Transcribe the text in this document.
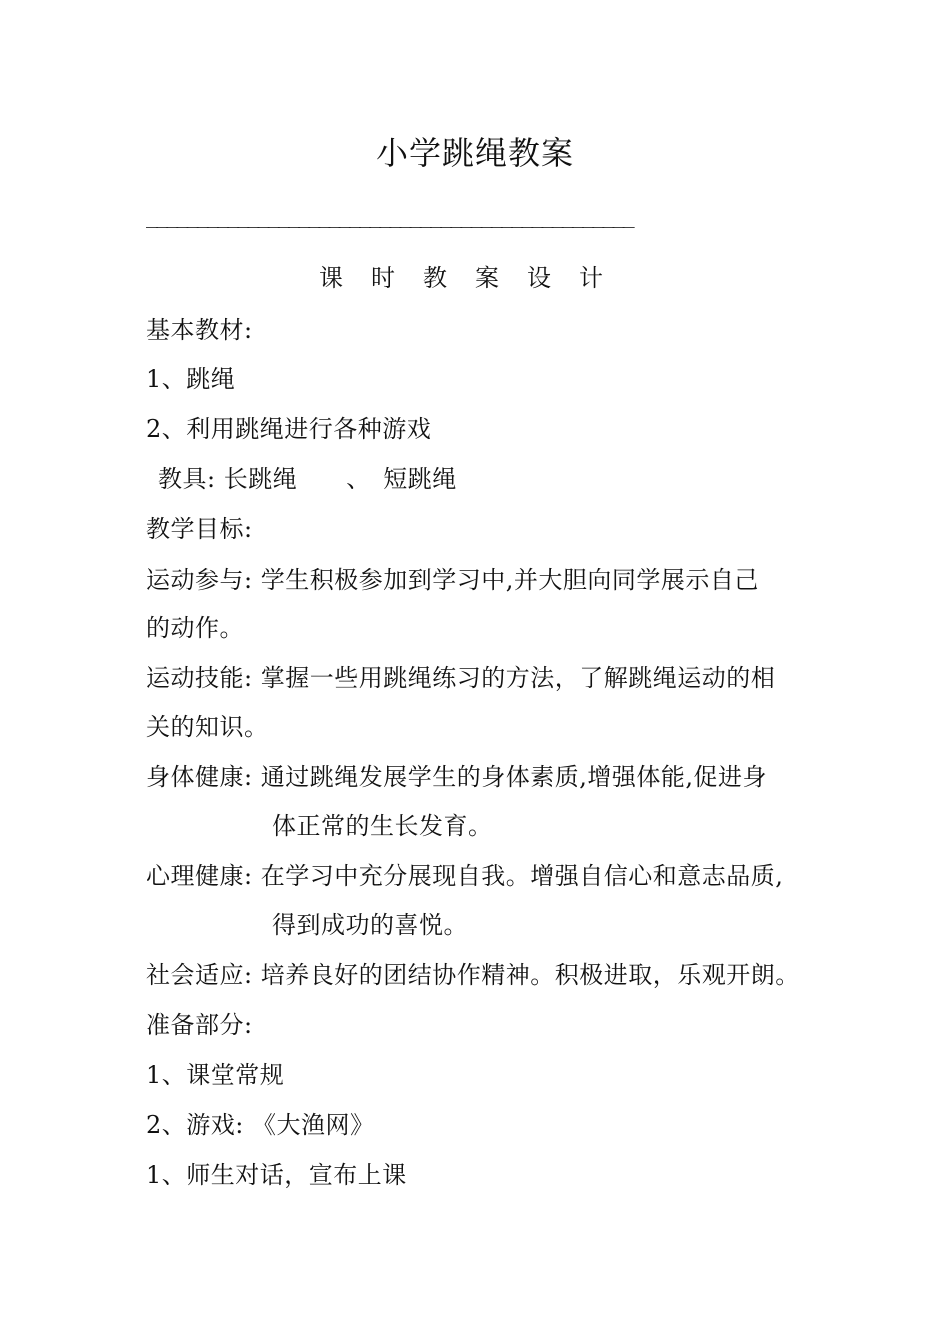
小学跳绳教案
________________________________________________
课时教案设计
基本教材:
1、跳绳
2、利用跳绳进行各种游戏
教具: 长跳绳　　、　短跳绳
教学目标:
运动参与: 学生积极参加到学习中,并大胆向同学展示自己
的动作。
运动技能: 掌握一些用跳绳练习的方法，了解跳绳运动的相
关的知识。
身体健康: 通过跳绳发展学生的身体素质,增强体能,促进身
体正常的生长发育。
心理健康: 在学习中充分展现自我。增强自信心和意志品质,
得到成功的喜悦。
社会适应: 培养良好的团结协作精神。积极进取，乐观开朗。
准备部分:
1、课堂常规
2、游戏: 《大渔网》
1、师生对话，宣布上课
